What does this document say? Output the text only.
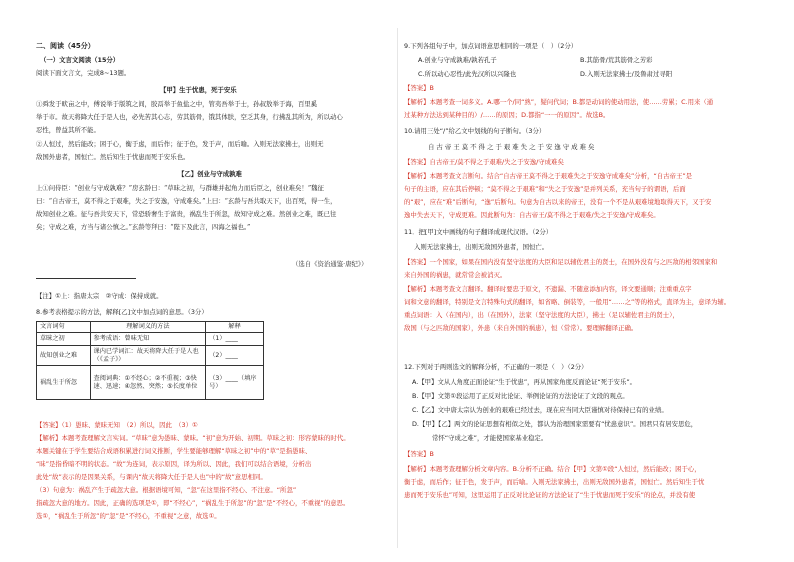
二、阅读（45分）
（一）文言文阅读（15分）
阅读下面文言文，完成8~13题。
【甲】生于忧患，死于安乐
①舜发于畎亩之中，傅说举于版筑之间，胶鬲举于鱼盐之中，管夷吾举于士，孙叔敖举于海，百里奚
举于市。故天将降大任于是人也，必先苦其心志，劳其筋骨，饿其体肤，空乏其身，行拂乱其所为，所以动心
忍性，曾益其所不能。
②人恒过，然后能改；困于心，衡于虑，而后作；征于色，发于声，而后喻。入则无法家拂士，出则无
敌国外患者，国恒亡。然后知生于忧患而死于安乐也。
【乙】创业与守成孰难
上①问侍臣：“创业与守成孰难？”房玄龄曰：“草昧之初，与群雄并起角力而后臣之，创业难矣！”魏征
曰：“自古帝王，莫不得之于艰难，失之于安逸，守成难矣。”上曰：“玄龄与吾共取天下，出百死，得一生，
故知创业之难。征与吾共安天下，常恐骄奢生于富贵，祸乱生于所忽，故知守成之难。然创业之难，既已往
矣；守成之难，方当与诸公慎之。”玄龄等拜曰：“陛下及此言，四海之福也。”
（选自《资治通鉴·唐纪》）
【注】①上：指唐太宗　②守成：保持成就。
8.参考表格提示的方法，解释[乙]文中加点词的意思。（3分）
文言词句	理解词义的方法	解释
草昧之初	参考成语：曾味无知	（1）____
故知创业之难	课内已学词汇：故天将降大任于是人也（《孟子》）	（2）____
祸乱生于所忽	查阅词典：①不经心；②不重视；③快速、迅速；④忽然、突然；⑤长度单位	（3）____（填序号）
【答案】（1）愚昧、蒙昧无知　（2）所以，因此　（3）①
【解析】本题考查理解文言实词。“草昧”意为愚昧、蒙昧。“初”意为开始、初期。草昧之初：形容蒙昧的时代。
本题关键在于学生要结合成语积累进行词义推断，学生要能够理解“草昧之初”中的“草”是指愚昧、
“昧”是指昏暗不明的状态。“故”为连词，表示原因，译为所以、因此，我们可以结合语境，分析出
此处“故”表示的是因果关系，与课内“故天将降大任于是人也”中的“故”意思相同。
（3）句意为：祸乱产生于疏忽大意。根据语境可知，“忽”在这里指不经心、不注意。“所忽”
指疏忽大意的地方。因此，正确的选项是①，即“不经心”，“祸乱生于所忽”的“忽”是“不经心，不重视”的意思。
选①，“祸乱生于所忽”的“忽”是“不经心，不重视”之意，故选①。
9.下列各组句子中，加点词语意思相同的一项是（　）（2分）
A.创业与守成孰难/孰若孔子	B.其筋骨/荒其筋骨之芳彩
C.所以动心忍性/此先汉所以兴隆也	D.入则无法家拂士/及鲁肃过寻阳
【答案】B
【解析】本题考查一词多义。A.哪一个/同“熟”，疑问代词；B.都是动词的使动用法，使……劳累；C.用来（通
过某种方法达到某种目的）/……的原因；D.都指“一一的原因”。故选B。
10.请用三处“/”给乙文中划线的句子断句。（3分）
自 古 帝 王 莫 不 得 之 于 艰 难 失 之 于 安 逸 守 成 难 矣
【答案】自古帝王/莫不得之于艰难/失之于安逸/守成难矣
【解析】本题考查文言断句。结合“自古帝王莫不得之于艰难失之于安逸守成难矣”分析，“自古帝王”是
句子的主语，应在其后停顿；“莫不得之于艰难”和“失之于安逸”是并列关系，充当句子的谓语，后面
的“艰”，应在“难”后断句，“逸”后断句。句意为自古以来的帝王，没有一个不是从艰难境地取得天下，又于安
逸中失去天下，守成更难。因此断句为：自古帝王/莫不得之于艰难/失之于安逸/守成难矣。
11．把[甲]文中画线的句子翻译成现代汉语。（2分）
入则无法家拂士，出则无敌国外患者，国恒亡。
【答案】一个国家，如果在国内没有坚守法度的大臣和足以辅佐君主的贤士，在国外没有与之匹敌的相邻国家和
来自外国的祸患，就常常会被消灭。
【解析】本题考查文言翻译。翻译时要忠于原文，不遗漏、不随意添加内容，译文要通顺；注重重点字
词和文意的翻译，特别是文言特殊句式的翻译，如省略、倒装等，一般用“……之”等的格式，直译为主，意译为辅。
重点词语：入（在国内），出（在国外），法家（坚守法度的大臣），拂士（足以辅佐君主的贤士），
敌国（与之匹敌的国家），外患（来自外国的祸患），恒（常常）。要理解翻译正确。
12.下列对于两则选文的解释分析，不正确的一项是（　）（2分）
A.【甲】文从人角度正面论证“生于忧患”，再从国家角度反面论证“死于安乐”。
B.【甲】文第①段运用了正反对比论证、举例论证的方法论证了文段的观点。
C.【乙】文中唐太宗认为创业的艰难已经过去，现在应当同大臣谨慎对待保持已有的业绩。
D.【甲】【乙】两文的论证思想有相似之处，都认为治理国家需要有“忧患意识”。国君只有居安思危，
常怀“守成之难”，才能使国家基业稳定。
【答案】B
【解析】本题考查理解分析文章内容。B.分析不正确。结合【甲】文第①段“人恒过，然后能改；困于心，
衡于虑，而后作；征于色，发于声，而后喻。入则无法家拂士，出则无敌国外患者，国恒亡。然后知生于忧
患而死于安乐也”可知，这里运用了正反对比论证的方法论证了“生于忧患而死于安乐”的论点，并没有使
